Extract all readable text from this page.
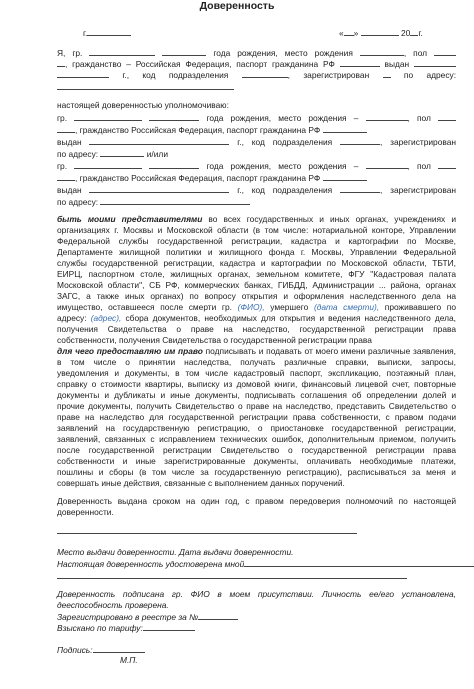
Доверенность
г.	« »	20 г.
Я, гр.	года рождения, место рождения	, пол
, гражданство – Российская Федерация, паспорт гражданина РФ	выдан
г., код подразделения	, зарегистрирован	по адресу:
настоящей доверенностью уполномочиваю:
гр.	года рождения, место рождения –	, пол
, гражданство Российская Федерация, паспорт гражданина РФ
выдан	г., код подразделения	, зарегистрирован
по адресу:	и/или
гр.	года рождения, место рождения –	, пол
, гражданство Российская Федерация, паспорт гражданина РФ
выдан	г., код подразделения	, зарегистрирован
по адресу:
быть моими представителями во всех государственных и иных органах, учреждениях и
организациях г. Москвы и Московской области (в том числе: нотариальной конторе, Управлении
Федеральной службы государственной регистрации, кадастра и картографии по Москве,
Департаменте жилищной политики и жилищного фонда г. Москвы, Управлении Федеральной
службы государственной регистрации, кадастра и картографии по Московской области, ТБТИ,
ЕИРЦ, паспортном столе, жилищных органах, земельном комитете, ФГУ "Кадастровая палата
Московской области", СБ РФ, коммерческих банках, ГИБДД, Администрации ... района, органах
ЗАГС, а также иных органах) по вопросу открытия и оформления наследственного дела на
имущество, оставшееся после смерти гр. (ФИО), умершего (дата смерти), проживавшего по
адресу: (адрес), сбора документов, необходимых для открытия и ведения наследственного дела,
получения Свидетельства о праве на наследство, государственной регистрации права
собственности, получения Свидетельства о государственной регистрации права
для чего предоставляю им право подписывать и подавать от моего имени различные заявления,
в том числе о принятии наследства, получать различные справки, выписки, запросы,
уведомления и документы, в том числе кадастровый паспорт, экспликацию, поэтажный план,
справку о стоимости квартиры, выписку из домовой книги, финансовый лицевой счет, повторные
документы и дубликаты и иные документы, подписывать соглашения об определении долей и
прочие документы, получить Свидетельство о праве на наследство, представить Свидетельство о
праве на наследство для государственной регистрации права собственности, с правом подачи
заявлений на государственную регистрацию, о приостановке государственной регистрации,
заявлений, связанных с исправлением технических ошибок, дополнительным приемом, получить
после государственной регистрации Свидетельство о государственной регистрации права
собственности и иные зарегистрированные документы, оплачивать необходимые платежи,
пошлины и сборы (в том числе за государственную регистрацию), расписываться за меня и
совершать иные действия, связанные с выполнением данных поручений.
Доверенность выдана сроком на один год, с правом передоверия полномочий по настоящей
доверенности.
Место выдачи доверенности. Дата выдачи доверенности.
Настоящая доверенность удостоверена мной
Доверенность подписана гр. ФИО в моем присутствии. Личность ее/его установлена,
дееспособность проверена.
Зарегистрировано в реестре за №
Взыскано по тарифу:
Подпись:
М.П.
